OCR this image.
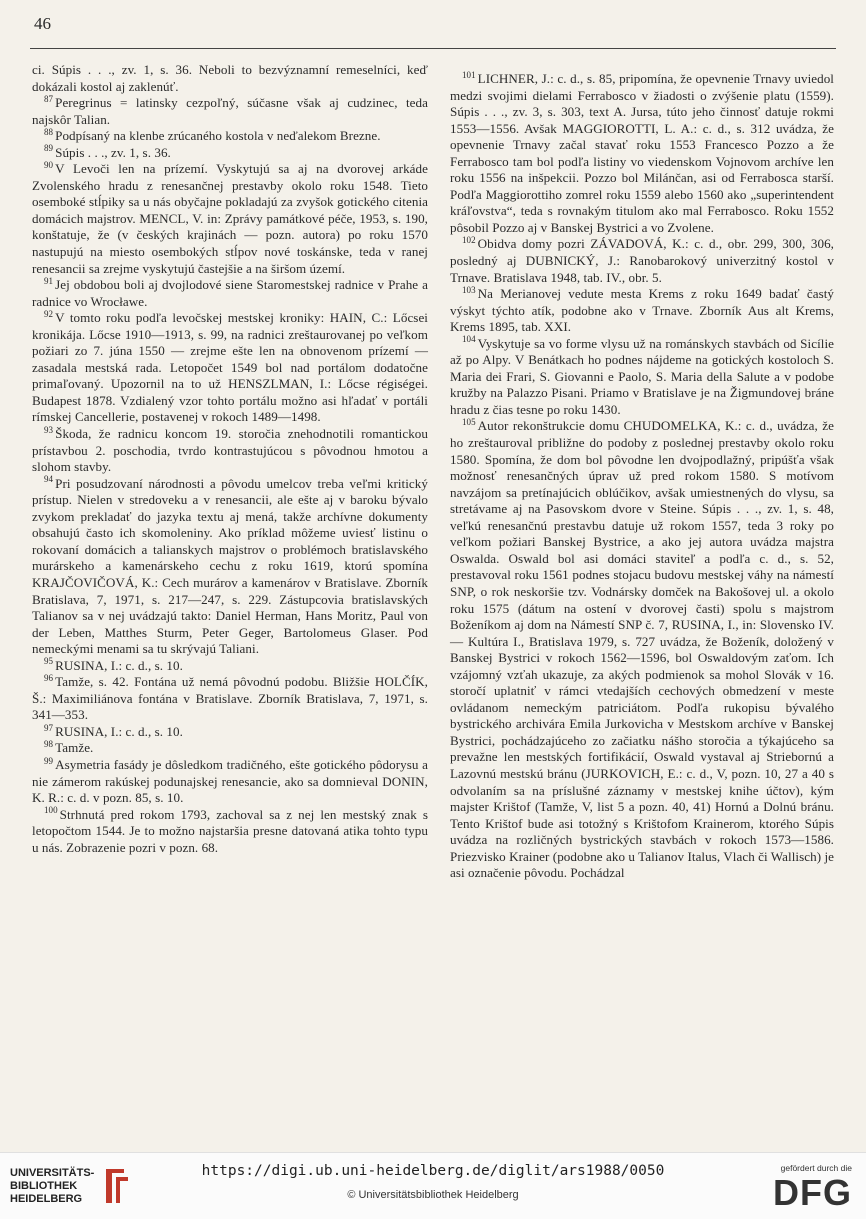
46

ci. Súpis . . ., zv. 1, s. 36. Neboli to bezvýznamní remeselníci, keď dokázali kostol aj zaklenúť.

$^{87}$ Peregrinus = latinsky cezpoľný, súčasne však aj cudzinec, teda najskôr Talian.

$^{88}$ Podpísaný na klenbe zrúcaného kostola v neďalekom Brezne.

$^{89}$ Súpis . . ., zv. 1, s. 36.

$^{90}$ V Levoči len na prízemí. Vyskytujú sa aj na dvorovej arkáde Zvolenského hradu z renesančnej prestavby okolo roku 1548. Tieto osemboké stĺpiky sa u nás obyčajne pokladajú za zvyšok gotického citenia domácich majstrov. MENCL, V. in: Zprávy památkové péče, 1953, s. 190, konštatuje, že (v českých krajinách — pozn. autora) po roku 1570 nastupujú na miesto osembokých stĺpov nové toskánske, teda v ranej renesancii sa zrejme vyskytujú častejšie a na širšom území.

$^{91}$ Jej obdobou boli aj dvojlodové siene Staromestskej radnice v Prahe a radnice vo Wrocławe.

$^{92}$ V tomto roku podľa levočskej mestskej kroniky: HAIN, C.: Lőcsei kronikája. Lőcse 1910—1913, s. 99, na radnici zreštaurovanej po veľkom požiari zo 7. júna 1550 — zrejme ešte len na obnovenom prízemí — zasadala mestská rada. Letopočet 1549 bol nad portálom dodatočne primaľovaný. Upozornil na to už HENSZLMAN, I.: Lőcse régiségei. Budapest 1878. Vzdialený vzor tohto portálu možno asi hľadať v portáli rímskej Cancellerie, postavenej v rokoch 1489—1498.

$^{93}$ Škoda, že radnicu koncom 19. storočia znehodnotili romantickou prístavbou 2. poschodia, tvrdo kontrastujúcou s pôvodnou hmotou a slohom stavby.

$^{94}$ Pri posudzovaní národnosti a pôvodu umelcov treba veľmi kritický prístup. Nielen v stredoveku a v renesancii, ale ešte aj v baroku bývalo zvykom prekladať do jazyka textu aj mená, takže archívne dokumenty obsahujú často ich skomoleniny. Ako príklad môžeme uviesť listinu o rokovaní domácich a talianskych majstrov o problémoch bratislavského murárskeho a kamenárskeho cechu z roku 1619, ktorú spomína KRAJČOVIČOVÁ, K.: Cech murárov a kamenárov v Bratislave. Zborník Bratislava, 7, 1971, s. 217—247, s. 229. Zástupcovia bratislavských Talianov sa v nej uvádzajú takto: Daniel Herman, Hans Moritz, Paul von der Leben, Matthes Sturm, Peter Geger, Bartolomeus Glaser. Pod nemeckými menami sa tu skrývajú Taliani.

$^{95}$ RUSINA, I.: c. d., s. 10.

$^{96}$ Tamže, s. 42. Fontána už nemá pôvodnú podobu. Bližšie HOLČÍK, Š.: Maximiliánova fontána v Bratislave. Zborník Bratislava, 7, 1971, s. 341—353.

$^{97}$ RUSINA, I.: c. d., s. 10.

$^{98}$ Tamže.

$^{99}$ Asymetria fasády je dôsledkom tradičného, ešte gotického pôdorysu a nie zámerom rakúskej podunajskej renesancie, ako sa domnieval DONIN, K. R.: c. d. v pozn. 85, s. 10.

$^{100}$ Strhnutá pred rokom 1793, zachoval sa z nej len mestský znak s letopočtom 1544. Je to možno najstaršia presne datovaná atika tohto typu u nás. Zobrazenie pozri v pozn. 68.

$^{101}$ LICHNER, J.: c. d., s. 85, pripomína, že opevnenie Trnavy uviedol medzi svojimi dielami Ferrabosco v žiadosti o zvýšenie platu (1559). Súpis . . ., zv. 3, s. 303, text A. Jursa, túto jeho činnosť datuje rokmi 1553—1556. Avšak MAGGIOROTTI, L. A.: c. d., s. 312 uvádza, že opevnenie Trnavy začal stavať roku 1553 Francesco Pozzo a že Ferrabosco tam bol podľa listiny vo viedenskom Vojnovom archíve len roku 1556 na inšpekcii. Pozzo bol Milánčan, asi od Ferrabosca starší. Podľa Maggiorottiho zomrel roku 1559 alebo 1560 ako „superintendent kráľovstva“, teda s rovnakým titulom ako mal Ferrabosco. Roku 1552 pôsobil Pozzo aj v Banskej Bystrici a vo Zvolene.

$^{102}$ Obidva domy pozri ZÁVADOVÁ, K.: c. d., obr. 299, 300, 306, posledný aj DUBNICKÝ, J.: Ranobarokový univerzitný kostol v Trnave. Bratislava 1948, tab. IV., obr. 5.

$^{103}$ Na Merianovej vedute mesta Krems z roku 1649 badať častý výskyt týchto atík, podobne ako v Trnave. Zborník Aus alt Krems, Krems 1895, tab. XXI.

$^{104}$ Vyskytuje sa vo forme vlysu už na románskych stavbách od Sicílie až po Alpy. V Benátkach ho podnes nájdeme na gotických kostoloch S. Maria dei Frari, S. Giovanni e Paolo, S. Maria della Salute a v podobe kružby na Palazzo Pisani. Priamo v Bratislave je na Žigmundovej bráne hradu z čias tesne po roku 1430.

$^{105}$ Autor rekonštrukcie domu CHUDOMELKA, K.: c. d., uvádza, že ho zreštauroval približne do podoby z poslednej prestavby okolo roku 1580. Spomína, že dom bol pôvodne len dvojpodlažný, pripúšťa však možnosť renesančných úprav už pred rokom 1580. S motívom navzájom sa pretínajúcich oblúčikov, avšak umiestnených do vlysu, sa stretávame aj na Pasovskom dvore v Steine. Súpis . . ., zv. 1, s. 48, veľkú renesančnú prestavbu datuje už rokom 1557, teda 3 roky po veľkom požiari Banskej Bystrice, a ako jej autora uvádza majstra Oswalda. Oswald bol asi domáci staviteľ a podľa c. d., s. 52, prestavoval roku 1561 podnes stojacu budovu mestskej váhy na námestí SNP, o rok neskoršie tzv. Vodnársky domček na Bakošovej ul. a okolo roku 1575 (dátum na ostení v dvorovej časti) spolu s majstrom Boženíkom aj dom na Námestí SNP č. 7, RUSINA, I., in: Slovensko IV. — Kultúra I., Bratislava 1979, s. 727 uvádza, že Boženík, doložený v Banskej Bystrici v rokoch 1562—1596, bol Oswaldovým zaťom. Ich vzájomný vzťah ukazuje, za akých podmienok sa mohol Slovák v 16. storočí uplatniť v rámci vtedajších cechových obmedzení v meste ovládanom nemeckým patriciátom. Podľa rukopisu bývalého bystrického archivára Emila Jurkovicha v Mestskom archíve v Banskej Bystrici, pochádzajúceho zo začiatku nášho storočia a týkajúceho sa prevažne len mestských fortifikácií, Oswald vystaval aj Striebornú a Lazovnú mestskú bránu (JURKOVICH, E.: c. d., V, pozn. 10, 27 a 40 s odvolaním sa na príslušné záznamy v mestskej knihe účtov), kým majster Krištof (Tamže, V, list 5 a pozn. 40, 41) Hornú a Dolnú bránu. Tento Krištof bude asi totožný s Krištofom Krainerom, ktorého Súpis uvádza na rozličných bystrických stavbách v rokoch 1573—1586. Priezvisko Krainer (podobne ako u Talianov Italus, Vlach či Wallisch) je asi označenie pôvodu. Pochádzal

UNIVERSITÄTS-
BIBLIOTHEK
HEIDELBERG
https://digi.ub.uni-heidelberg.de/diglit/ars1988/0050
© Universitätsbibliothek Heidelberg
gefördert durch die
DFG
